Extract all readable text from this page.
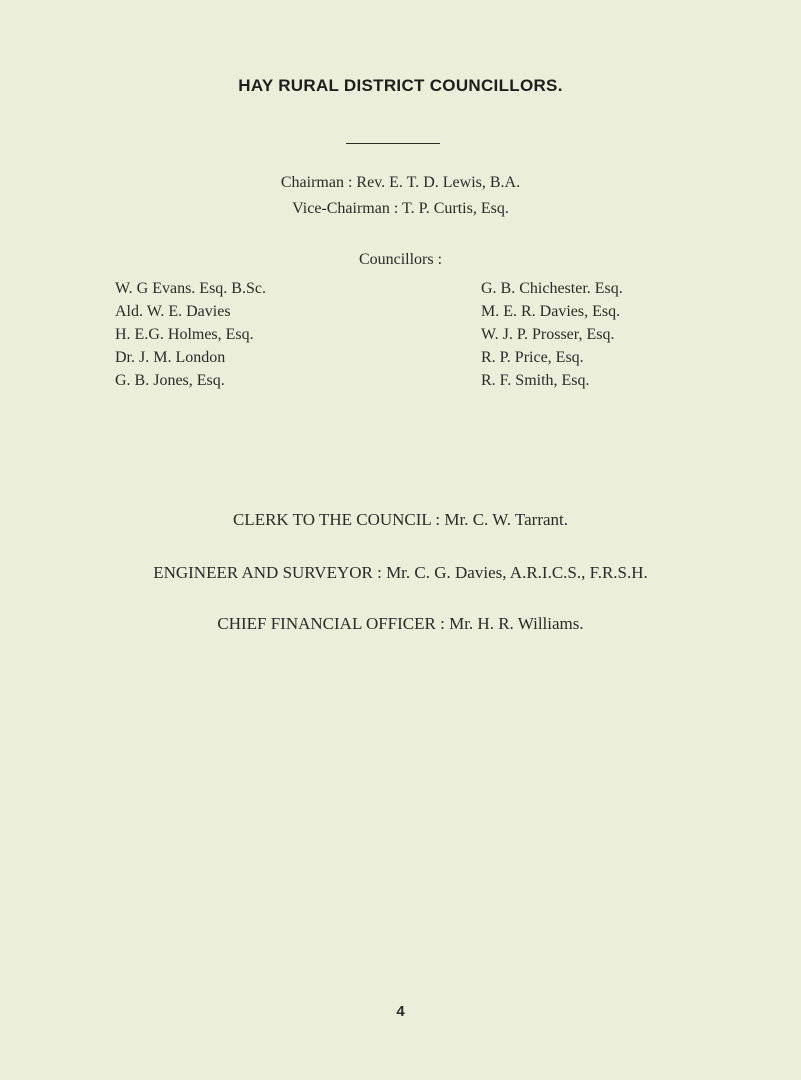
HAY RURAL DISTRICT COUNCILLORS.
Chairman : Rev. E. T. D. Lewis, B.A.
Vice-Chairman : T. P. Curtis, Esq.
Councillors :
W. G Evans. Esq. B.Sc.
Ald. W. E. Davies
H. E.G. Holmes, Esq.
Dr. J. M. London
G. B. Jones, Esq.
G. B. Chichester. Esq.
M. E. R. Davies, Esq.
W. J. P. Prosser, Esq.
R. P. Price, Esq.
R. F. Smith, Esq.
CLERK TO THE COUNCIL : Mr. C. W. Tarrant.
ENGINEER AND SURVEYOR : Mr. C. G. Davies, A.R.I.C.S., F.R.S.H.
CHIEF FINANCIAL OFFICER : Mr. H. R. Williams.
4
